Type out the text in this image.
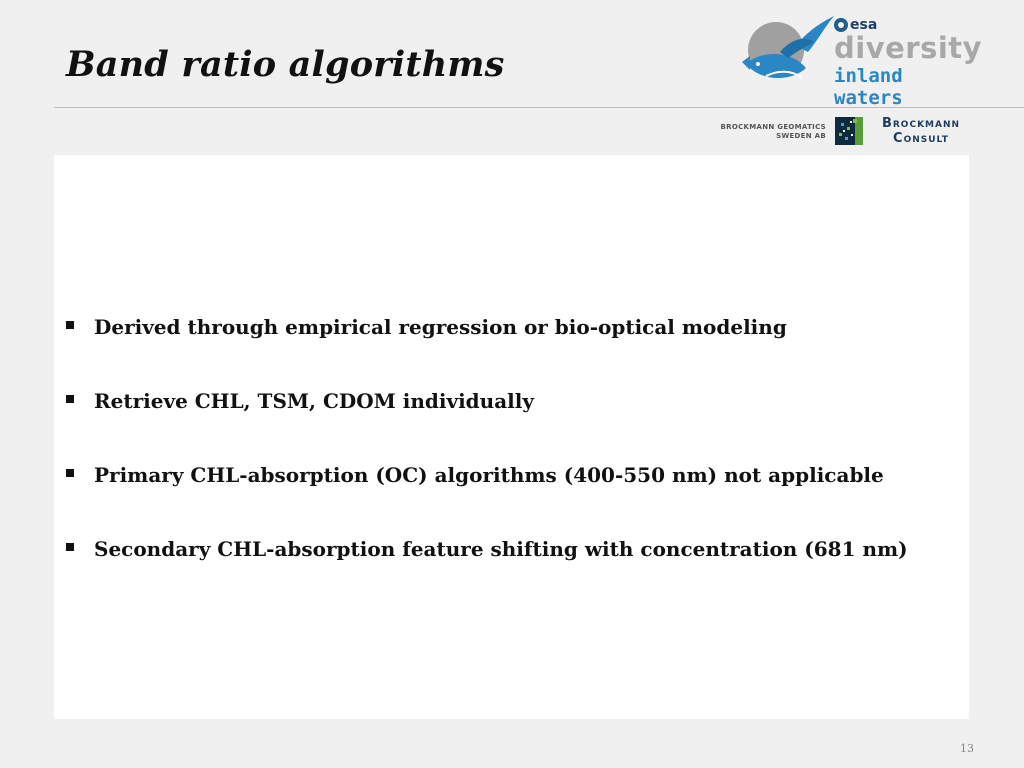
Band ratio algorithms
esa
diversity
inland waters
BROCKMANN GEOMATICS
SWEDEN AB
Brockmann
Consult
Derived through empirical regression or bio-optical modeling
Retrieve CHL, TSM, CDOM individually
Primary CHL-absorption (OC) algorithms (400-550 nm) not applicable
Secondary CHL-absorption feature shifting with concentration (681 nm)
13
